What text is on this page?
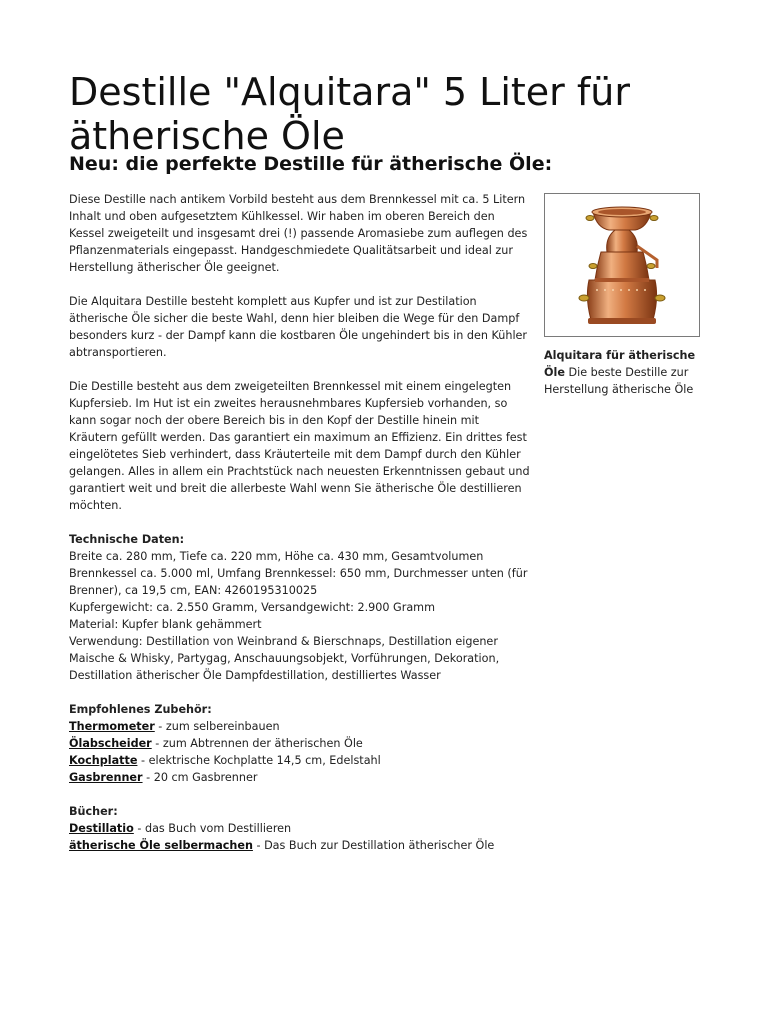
Destille "Alquitara" 5 Liter für ätherische Öle
Neu: die perfekte Destille für ätherische Öle:

Diese Destille nach antikem Vorbild besteht aus dem Brennkessel mit ca. 5 Litern Inhalt und oben aufgesetztem Kühlkessel. Wir haben im oberen Bereich den Kessel zweigeteilt und insgesamt drei (!) passende Aromasiebe zum auflegen des Pflanzenmaterials eingepasst. Handgeschmiedete Qualitätsarbeit und ideal zur Herstellung ätherischer Öle geeignet.

Die Alquitara Destille besteht komplett aus Kupfer und ist zur Destilation ätherische Öle sicher die beste Wahl, denn hier bleiben die Wege für den Dampf besonders kurz - der Dampf kann die kostbaren Öle ungehindert bis in den Kühler abtransportieren.

Die Destille besteht aus dem zweigeteilten Brennkessel mit einem eingelegten Kupfersieb. Im Hut ist ein zweites herausnehmbares Kupfersieb vorhanden, so kann sogar noch der obere Bereich bis in den Kopf der Destille hinein mit Kräutern gefüllt werden. Das garantiert ein maximum an Effizienz. Ein drittes fest eingelötetes Sieb verhindert, dass Kräuterteile mit dem Dampf durch den Kühler gelangen. Alles in allem ein Prachtstück nach neuesten Erkenntnissen gebaut und garantiert weit und breit die allerbeste Wahl wenn Sie ätherische Öle destillieren möchten.

Technische Daten:
Breite ca. 280 mm, Tiefe ca. 220 mm, Höhe ca. 430 mm, Gesamtvolumen Brennkessel ca. 5.000 ml, Umfang Brennkessel: 650 mm, Durchmesser unten (für Brenner), ca 19,5 cm, EAN: 4260195310025
Kupfergewicht: ca. 2.550 Gramm, Versandgewicht: 2.900 Gramm
Material: Kupfer blank gehämmert
Verwendung: Destillation von Weinbrand & Bierschnaps, Destillation eigener Maische & Whisky, Partygag, Anschauungsobjekt, Vorführungen, Dekoration, Destillation ätherischer Öle Dampfdestillation, destilliertes Wasser

Empfohlenes Zubehör:
Thermometer - zum selbereinbauen
Ölabscheider - zum Abtrennen der ätherischen Öle
Kochplatte - elektrische Kochplatte 14,5 cm, Edelstahl
Gasbrenner - 20 cm Gasbrenner

Bücher:
Destillatio - das Buch vom Destillieren
ätherische Öle selbermachen - Das Buch zur Destillation ätherischer Öle

Alquitara für ätherische Öle Die beste Destille zur Herstellung ätherische Öle
